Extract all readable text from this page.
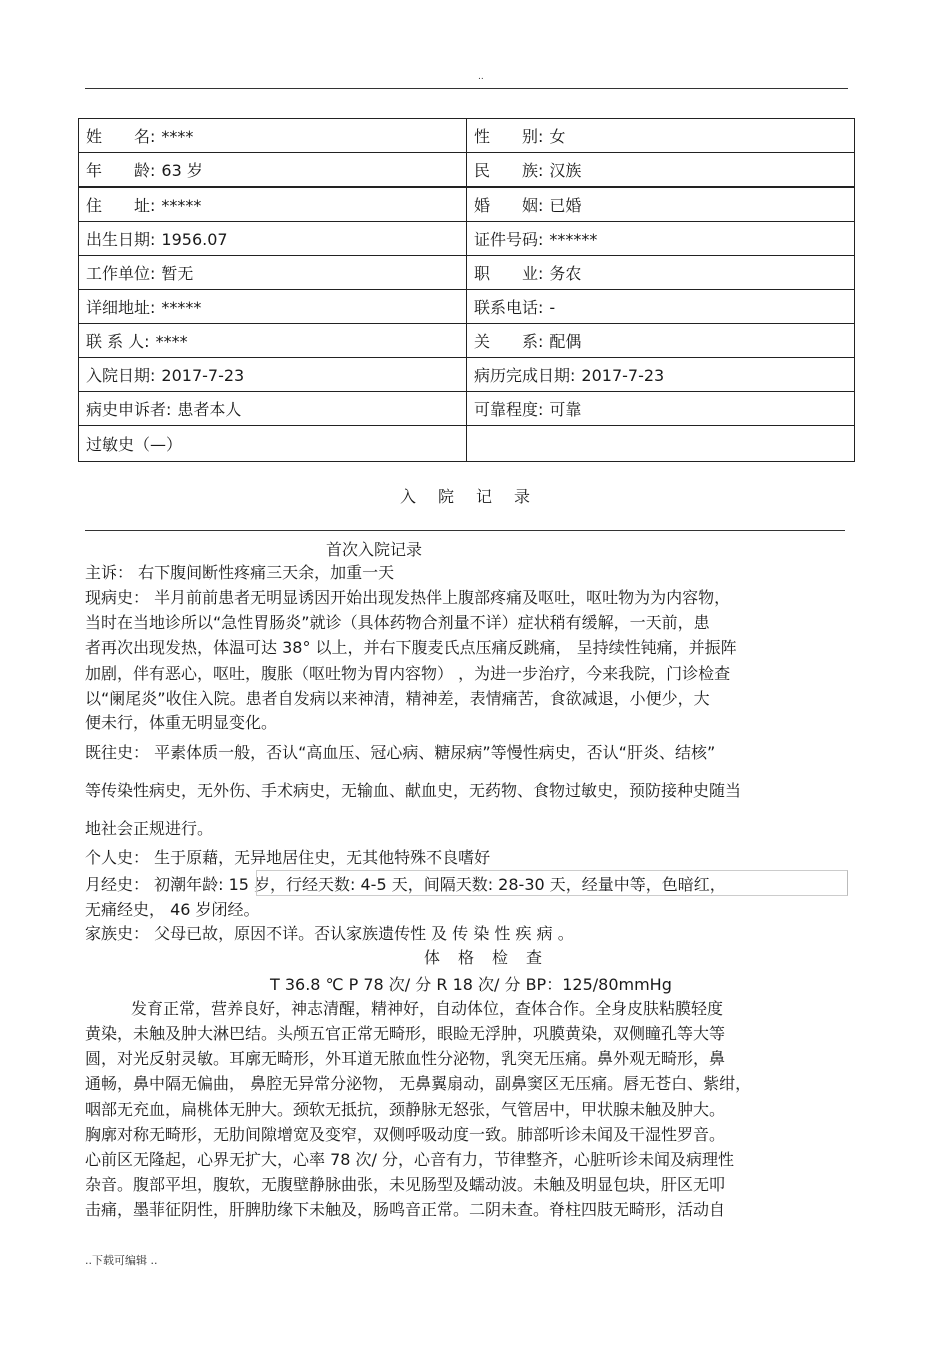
..
姓　　名: ****	性　　别: 女
年　　龄: 63 岁	民　　族: 汉族
住　　址: *****	婚　　姻: 已婚
出生日期: 1956.07	证件号码: ******
工作单位: 暂无	职　　业: 务农
详细地址: *****	联系电话: -
联 系 人: ****	关　　系: 配偶
入院日期: 2017-7-23	病历完成日期: 2017-7-23
病史申诉者: 患者本人	可靠程度: 可靠
过敏史（—）	
入院记录
首次入院记录
主诉： 右下腹间断性疼痛三天余，加重一天
现病史： 半月前前患者无明显诱因开始出现发热伴上腹部疼痛及呕吐，呕吐物为为内容物，
当时在当地诊所以“急性胃肠炎”就诊（具体药物合剂量不详）症状稍有缓解，一天前，患
者再次出现发热，体温可达 38° 以上，并右下腹麦氏点压痛反跳痛， 呈持续性钝痛，并振阵
加剧，伴有恶心，呕吐，腹胀（呕吐物为胃内容物） ，为进一步治疗，今来我院，门诊检查
以“阑尾炎”收住入院。患者自发病以来神清，精神差，表情痛苦，食欲减退，小便少，大
便未行，体重无明显变化。
既往史： 平素体质一般，否认“高血压、冠心病、糖尿病”等慢性病史，否认“肝炎、结核”
等传染性病史，无外伤、手术病史，无输血、献血史，无药物、食物过敏史，预防接种史随当
地社会正规进行。
个人史： 生于原藉，无异地居住史，无其他特殊不良嗜好
月经史： 初潮年龄: 15 岁，行经天数: 4-5 天，间隔天数: 28-30 天，经量中等，色暗红，
无痛经史， 46 岁闭经。
家族史： 父母已故，原因不详。否认家族遗传性 及 传 染 性 疾 病 。
体格检查
T 36.8 ℃ P 78 次/ 分 R 18 次/ 分 BP：125/80mmHg
发育正常，营养良好，神志清醒，精神好，自动体位，查体合作。全身皮肤粘膜轻度
黄染，未触及肿大淋巴结。头颅五官正常无畸形，眼睑无浮肿，巩膜黄染，双侧瞳孔等大等
圆，对光反射灵敏。耳廓无畸形，外耳道无脓血性分泌物，乳突无压痛。鼻外观无畸形，鼻
通畅，鼻中隔无偏曲， 鼻腔无异常分泌物， 无鼻翼扇动，副鼻窦区无压痛。唇无苍白、紫绀，
咽部无充血，扁桃体无肿大。颈软无抵抗，颈静脉无怒张，气管居中，甲状腺未触及肿大。
胸廓对称无畸形，无肋间隙增宽及变窄，双侧呼吸动度一致。肺部听诊未闻及干湿性罗音。
心前区无隆起，心界无扩大，心率 78 次/ 分，心音有力，节律整齐，心脏听诊未闻及病理性
杂音。腹部平坦，腹软，无腹壁静脉曲张，未见肠型及蠕动波。未触及明显包块，肝区无叩
击痛，墨菲征阴性，肝脾肋缘下未触及，肠鸣音正常。二阴未查。脊柱四肢无畸形，活动自
..下载可编辑 ..
